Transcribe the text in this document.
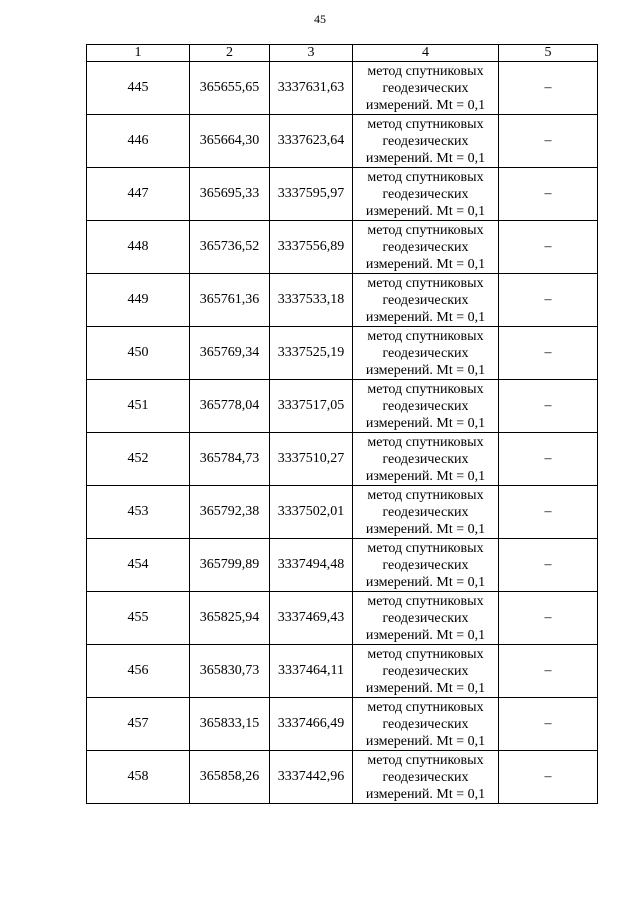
45
1	2	3	4	5
445	365655,65	3337631,63	метод спутниковых геодезических измерений. Mt = 0,1	–
446	365664,30	3337623,64	метод спутниковых геодезических измерений. Mt = 0,1	–
447	365695,33	3337595,97	метод спутниковых геодезических измерений. Mt = 0,1	–
448	365736,52	3337556,89	метод спутниковых геодезических измерений. Mt = 0,1	–
449	365761,36	3337533,18	метод спутниковых геодезических измерений. Mt = 0,1	–
450	365769,34	3337525,19	метод спутниковых геодезических измерений. Mt = 0,1	–
451	365778,04	3337517,05	метод спутниковых геодезических измерений. Mt = 0,1	–
452	365784,73	3337510,27	метод спутниковых геодезических измерений. Mt = 0,1	–
453	365792,38	3337502,01	метод спутниковых геодезических измерений. Mt = 0,1	–
454	365799,89	3337494,48	метод спутниковых геодезических измерений. Mt = 0,1	–
455	365825,94	3337469,43	метод спутниковых геодезических измерений. Mt = 0,1	–
456	365830,73	3337464,11	метод спутниковых геодезических измерений. Mt = 0,1	–
457	365833,15	3337466,49	метод спутниковых геодезических измерений. Mt = 0,1	–
458	365858,26	3337442,96	метод спутниковых геодезических измерений. Mt = 0,1	–
